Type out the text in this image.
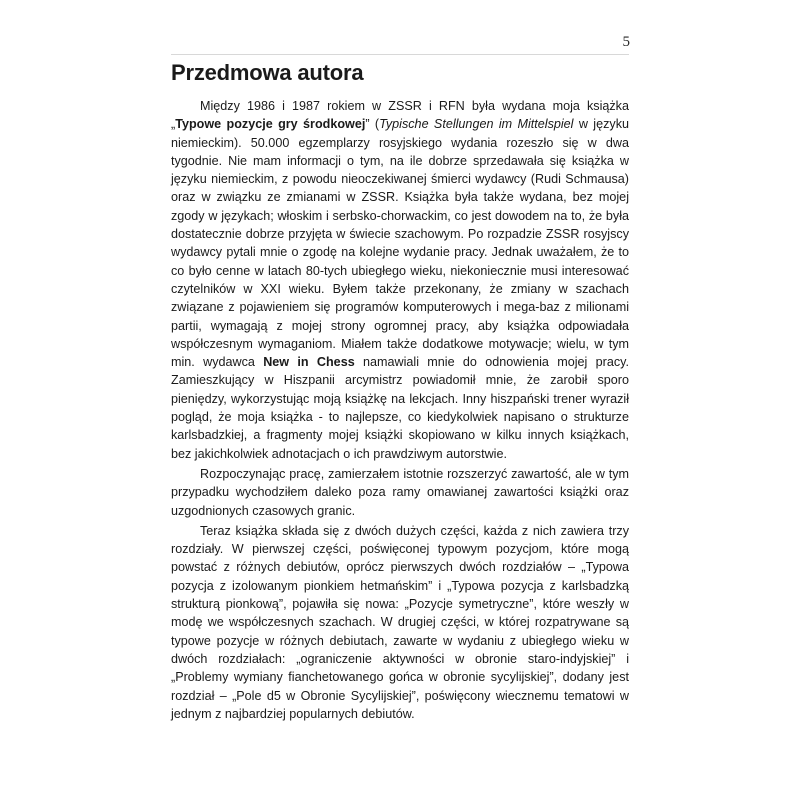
5
Przedmowa autora

Między 1986 i 1987 rokiem w ZSSR i RFN była wydana moja książka „Typowe pozycje gry środkowej” (Typische Stellungen im Mittelspiel w języku niemieckim). 50.000 egzemplarzy rosyjskiego wydania rozeszło się w dwa tygodnie. Nie mam informacji o tym, na ile dobrze sprzedawała się książka w języku niemieckim, z powodu nieoczekiwanej śmierci wydawcy (Rudi Schmausa) oraz w związku ze zmianami w ZSSR. Książka była także wydana, bez mojej zgody w językach; włoskim i serbsko-chorwackim, co jest dowodem na to, że była dostatecznie dobrze przyjęta w świecie szachowym. Po rozpadzie ZSSR rosyjscy wydawcy pytali mnie o zgodę na kolejne wydanie pracy. Jednak uważałem, że to co było cenne w latach 80-tych ubiegłego wieku, niekoniecznie musi interesować czytelników w XXI wieku. Byłem także przekonany, że zmiany w szachach związane z pojawieniem się programów komputerowych i mega-baz z milionami partii, wymagają z mojej strony ogromnej pracy, aby książka odpowiadała współczesnym wymaganiom. Miałem także dodatkowe motywacje; wielu, w tym min. wydawca New in Chess namawiali mnie do odnowienia mojej pracy. Zamieszkujący w Hiszpanii arcymistrz powiadomił mnie, że zarobił sporo pieniędzy, wykorzystując moją książkę na lekcjach. Inny hiszpański trener wyraził pogląd, że moja książka - to najlepsze, co kiedykolwiek napisano o strukturze karlsbadzkiej, a fragmenty mojej książki skopiowano w kilku innych książkach, bez jakichkolwiek adnotacjach o ich prawdziwym autorstwie.

Rozpoczynając pracę, zamierzałem istotnie rozszerzyć zawartość, ale w tym przypadku wychodziłem daleko poza ramy omawianej zawartości książki oraz uzgodnionych czasowych granic.

Teraz książka składa się z dwóch dużych części, każda z nich zawiera trzy rozdziały. W pierwszej części, poświęconej typowym pozycjom, które mogą powstać z różnych debiutów, oprócz pierwszych dwóch rozdziałów – „Typowa pozycja z izolowanym pionkiem hetmańskim” i „Typowa pozycja z karlsbadzką strukturą pionkową”, pojawiła się nowa: „Pozycje symetryczne”, które weszły w modę we współczesnych szachach. W drugiej części, w której rozpatrywane są typowe pozycje w różnych debiutach, zawarte w wydaniu z ubiegłego wieku w dwóch rozdziałach: „ograniczenie aktywności w obronie staro-indyjskiej” i „Problemy wymiany fianchetowanego gońca w obronie sycylijskiej”, dodany jest rozdział – „Pole d5 w Obronie Sycylijskiej”, poświęcony wiecznemu tematowi w jednym z najbardziej popularnych debiutów.
